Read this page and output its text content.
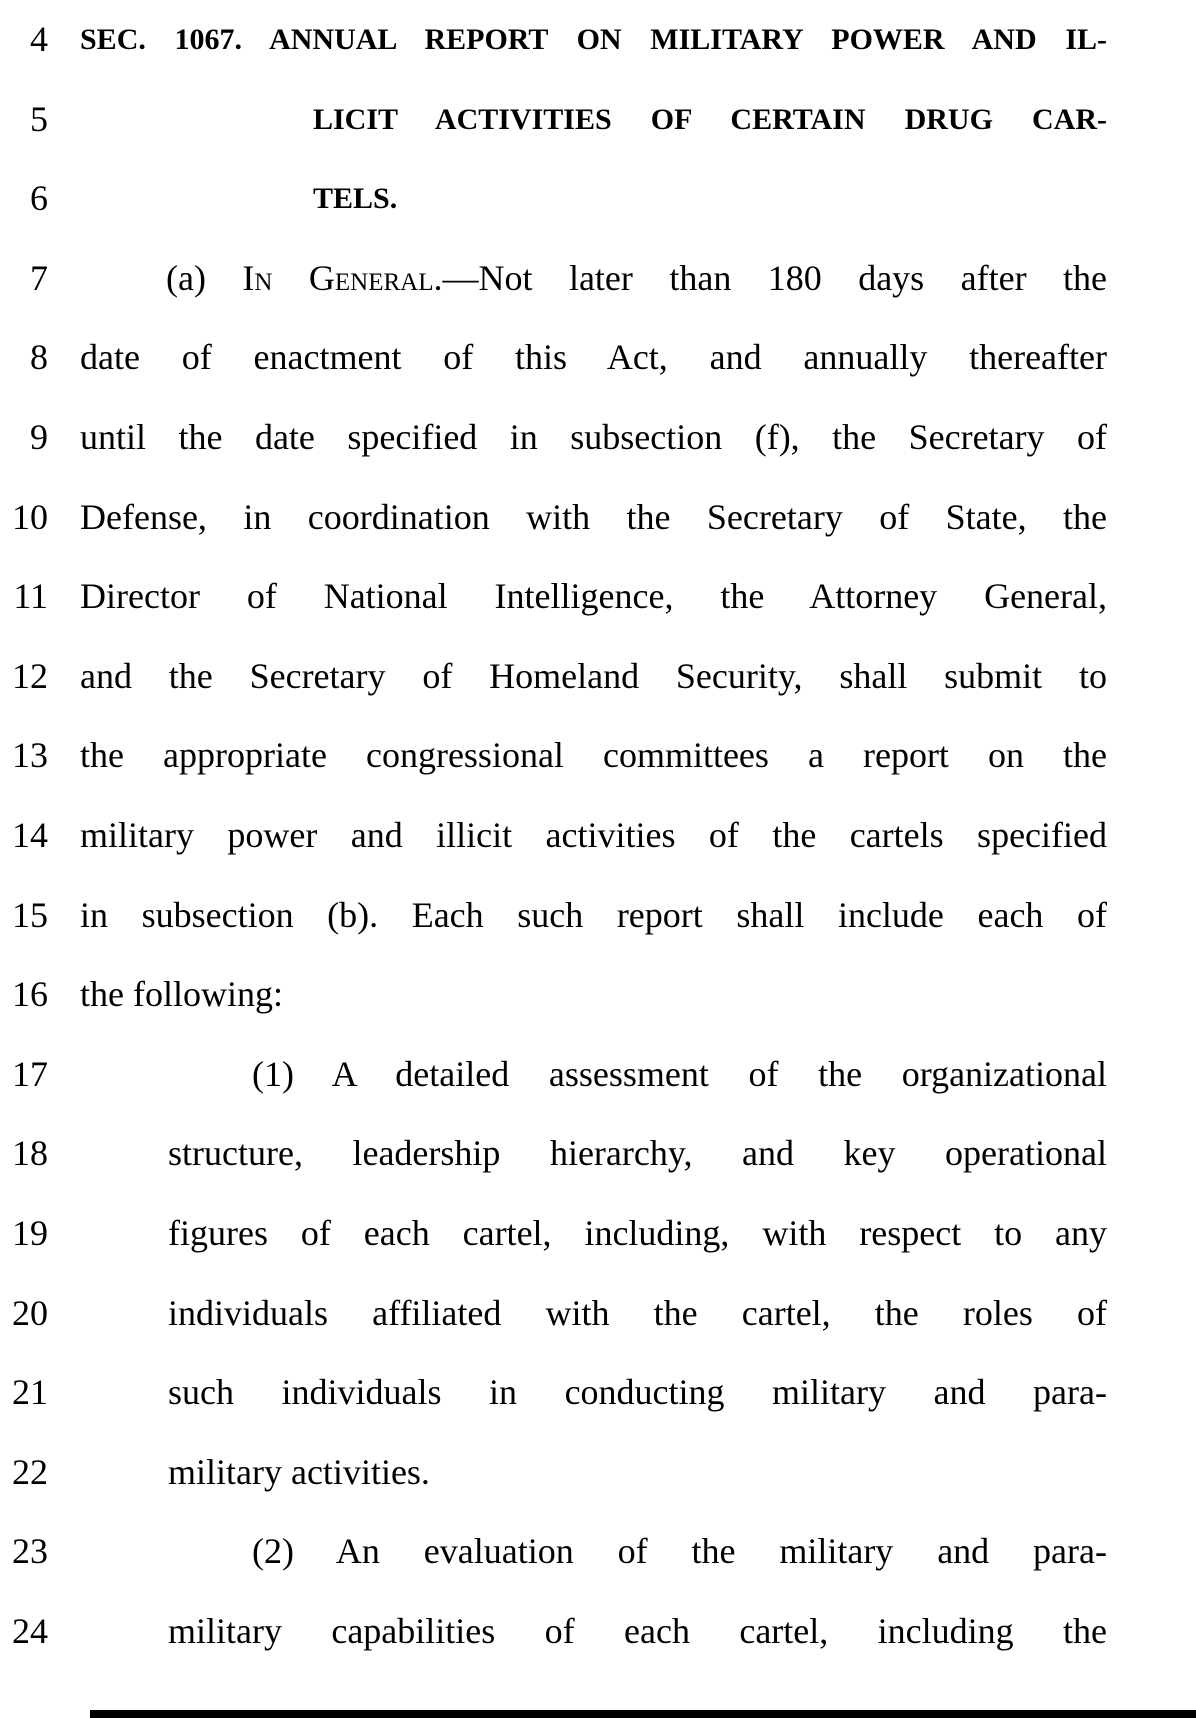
4 SEC. 1067. ANNUAL REPORT ON MILITARY POWER AND IL-
5	LICIT ACTIVITIES OF CERTAIN DRUG CAR-
6	TELS.
7	(a) In General.—Not later than 180 days after the
8 date of enactment of this Act, and annually thereafter
9 until the date specified in subsection (f), the Secretary of
10 Defense, in coordination with the Secretary of State, the
11 Director of National Intelligence, the Attorney General,
12 and the Secretary of Homeland Security, shall submit to
13 the appropriate congressional committees a report on the
14 military power and illicit activities of the cartels specified
15 in subsection (b). Each such report shall include each of
16 the following:
17	(1) A detailed assessment of the organizational
18	structure, leadership hierarchy, and key operational
19	figures of each cartel, including, with respect to any
20	individuals affiliated with the cartel, the roles of
21	such individuals in conducting military and para-
22	military activities.
23	(2) An evaluation of the military and para-
24	military capabilities of each cartel, including the
